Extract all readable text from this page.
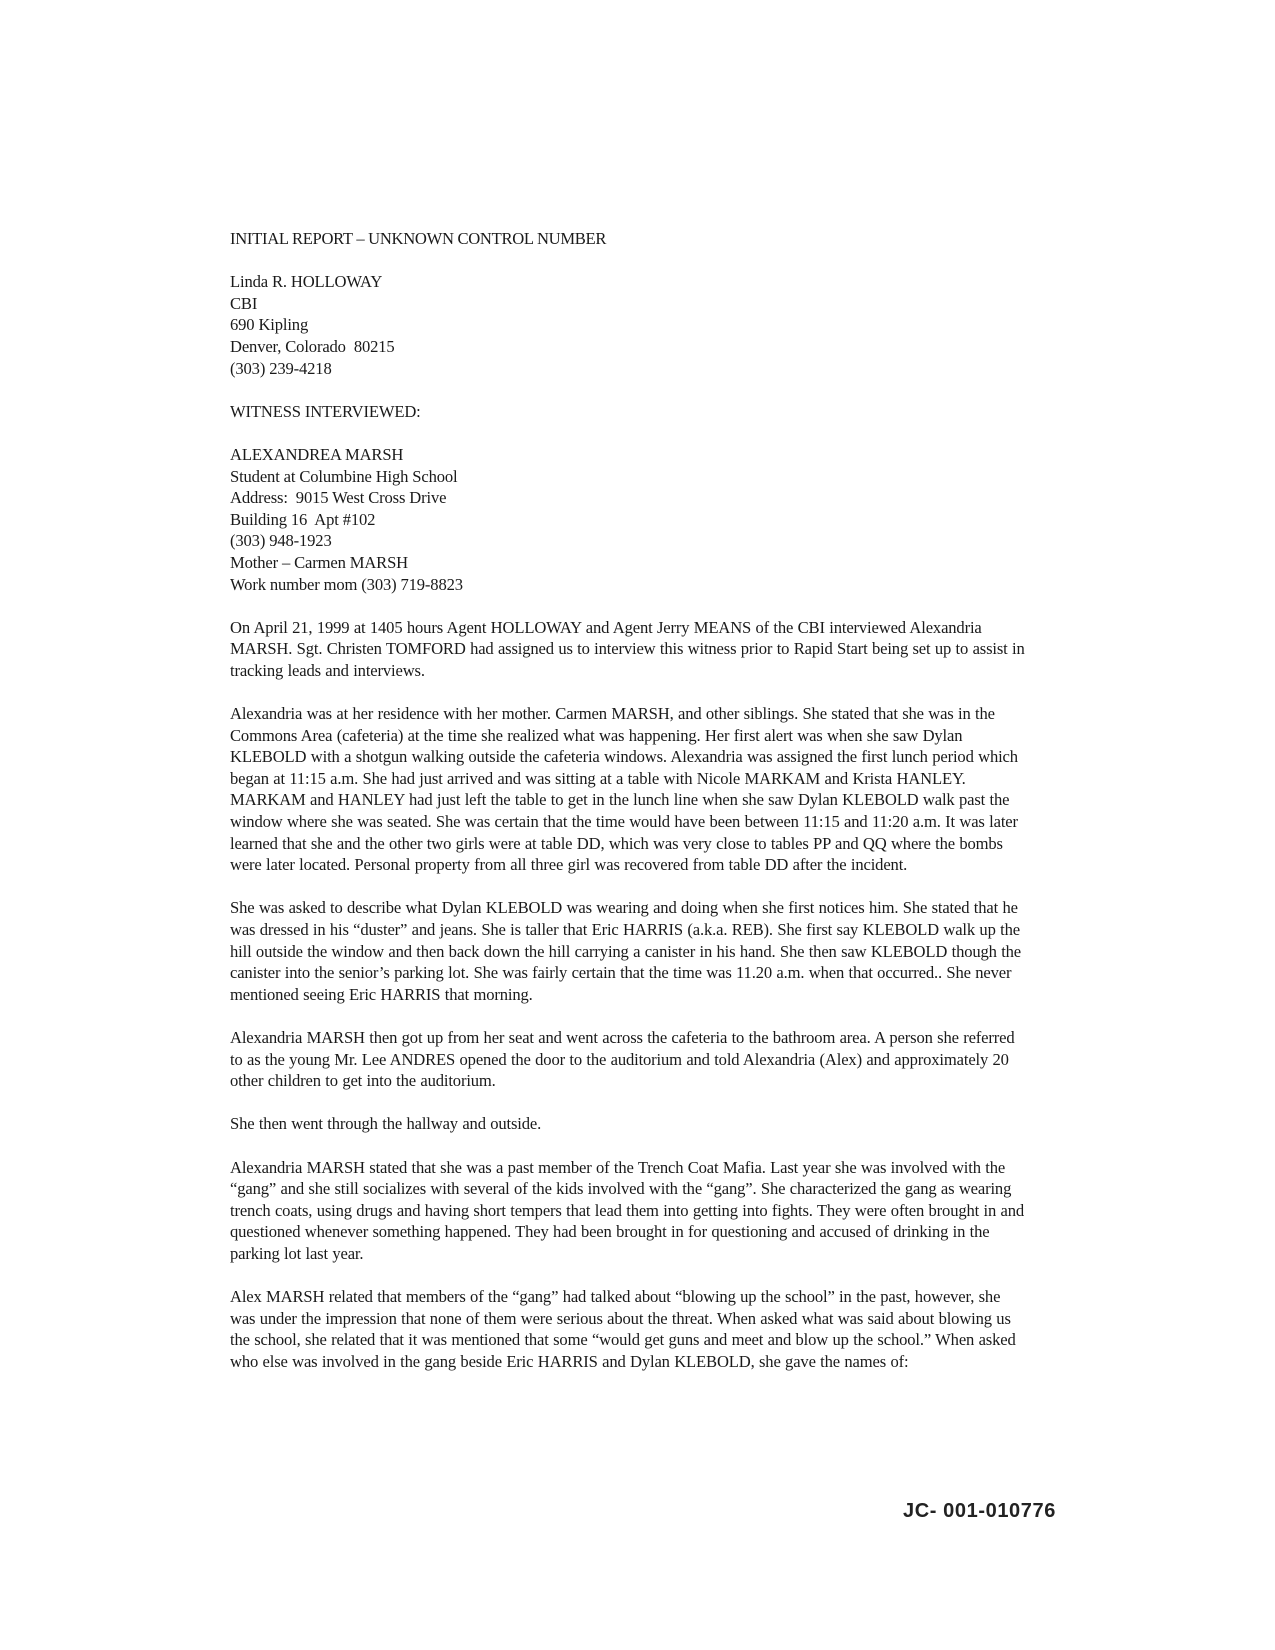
INITIAL REPORT – UNKNOWN CONTROL NUMBER

Linda R. HOLLOWAY
CBI
690 Kipling
Denver, Colorado  80215
(303) 239-4218

WITNESS INTERVIEWED:

ALEXANDREA MARSH
Student at Columbine High School
Address:  9015 West Cross Drive
Building 16  Apt #102
(303) 948-1923
Mother – Carmen MARSH
Work number mom (303) 719-8823

On April 21, 1999 at 1405 hours Agent HOLLOWAY and Agent Jerry MEANS of the CBI interviewed Alexandria MARSH. Sgt. Christen TOMFORD had assigned us to interview this witness prior to Rapid Start being set up to assist in tracking leads and interviews.

Alexandria was at her residence with her mother. Carmen MARSH, and other siblings. She stated that she was in the Commons Area (cafeteria) at the time she realized what was happening. Her first alert was when she saw Dylan KLEBOLD with a shotgun walking outside the cafeteria windows. Alexandria was assigned the first lunch period which began at 11:15 a.m. She had just arrived and was sitting at a table with Nicole MARKAM and Krista HANLEY. MARKAM and HANLEY had just left the table to get in the lunch line when she saw Dylan KLEBOLD walk past the window where she was seated. She was certain that the time would have been between 11:15 and 11:20 a.m. It was later learned that she and the other two girls were at table DD, which was very close to tables PP and QQ where the bombs were later located. Personal property from all three girl was recovered from table DD after the incident.

She was asked to describe what Dylan KLEBOLD was wearing and doing when she first notices him. She stated that he was dressed in his “duster” and jeans. She is taller that Eric HARRIS (a.k.a. REB). She first say KLEBOLD walk up the hill outside the window and then back down the hill carrying a canister in his hand. She then saw KLEBOLD though the canister into the senior’s parking lot. She was fairly certain that the time was 11.20 a.m. when that occurred.. She never mentioned seeing Eric HARRIS that morning.

Alexandria MARSH then got up from her seat and went across the cafeteria to the bathroom area. A person she referred to as the young Mr. Lee ANDRES opened the door to the auditorium and told Alexandria (Alex) and approximately 20 other children to get into the auditorium.

She then went through the hallway and outside.

Alexandria MARSH stated that she was a past member of the Trench Coat Mafia. Last year she was involved with the “gang” and she still socializes with several of the kids involved with the “gang”. She characterized the gang as wearing trench coats, using drugs and having short tempers that lead them into getting into fights. They were often brought in and questioned whenever something happened. They had been brought in for questioning and accused of drinking in the parking lot last year.

Alex MARSH related that members of the “gang” had talked about “blowing up the school” in the past, however, she was under the impression that none of them were serious about the threat. When asked what was said about blowing us the school, she related that it was mentioned that some “would get guns and meet and blow up the school.” When asked who else was involved in the gang beside Eric HARRIS and Dylan KLEBOLD, she gave the names of:

JC- 001-010776
